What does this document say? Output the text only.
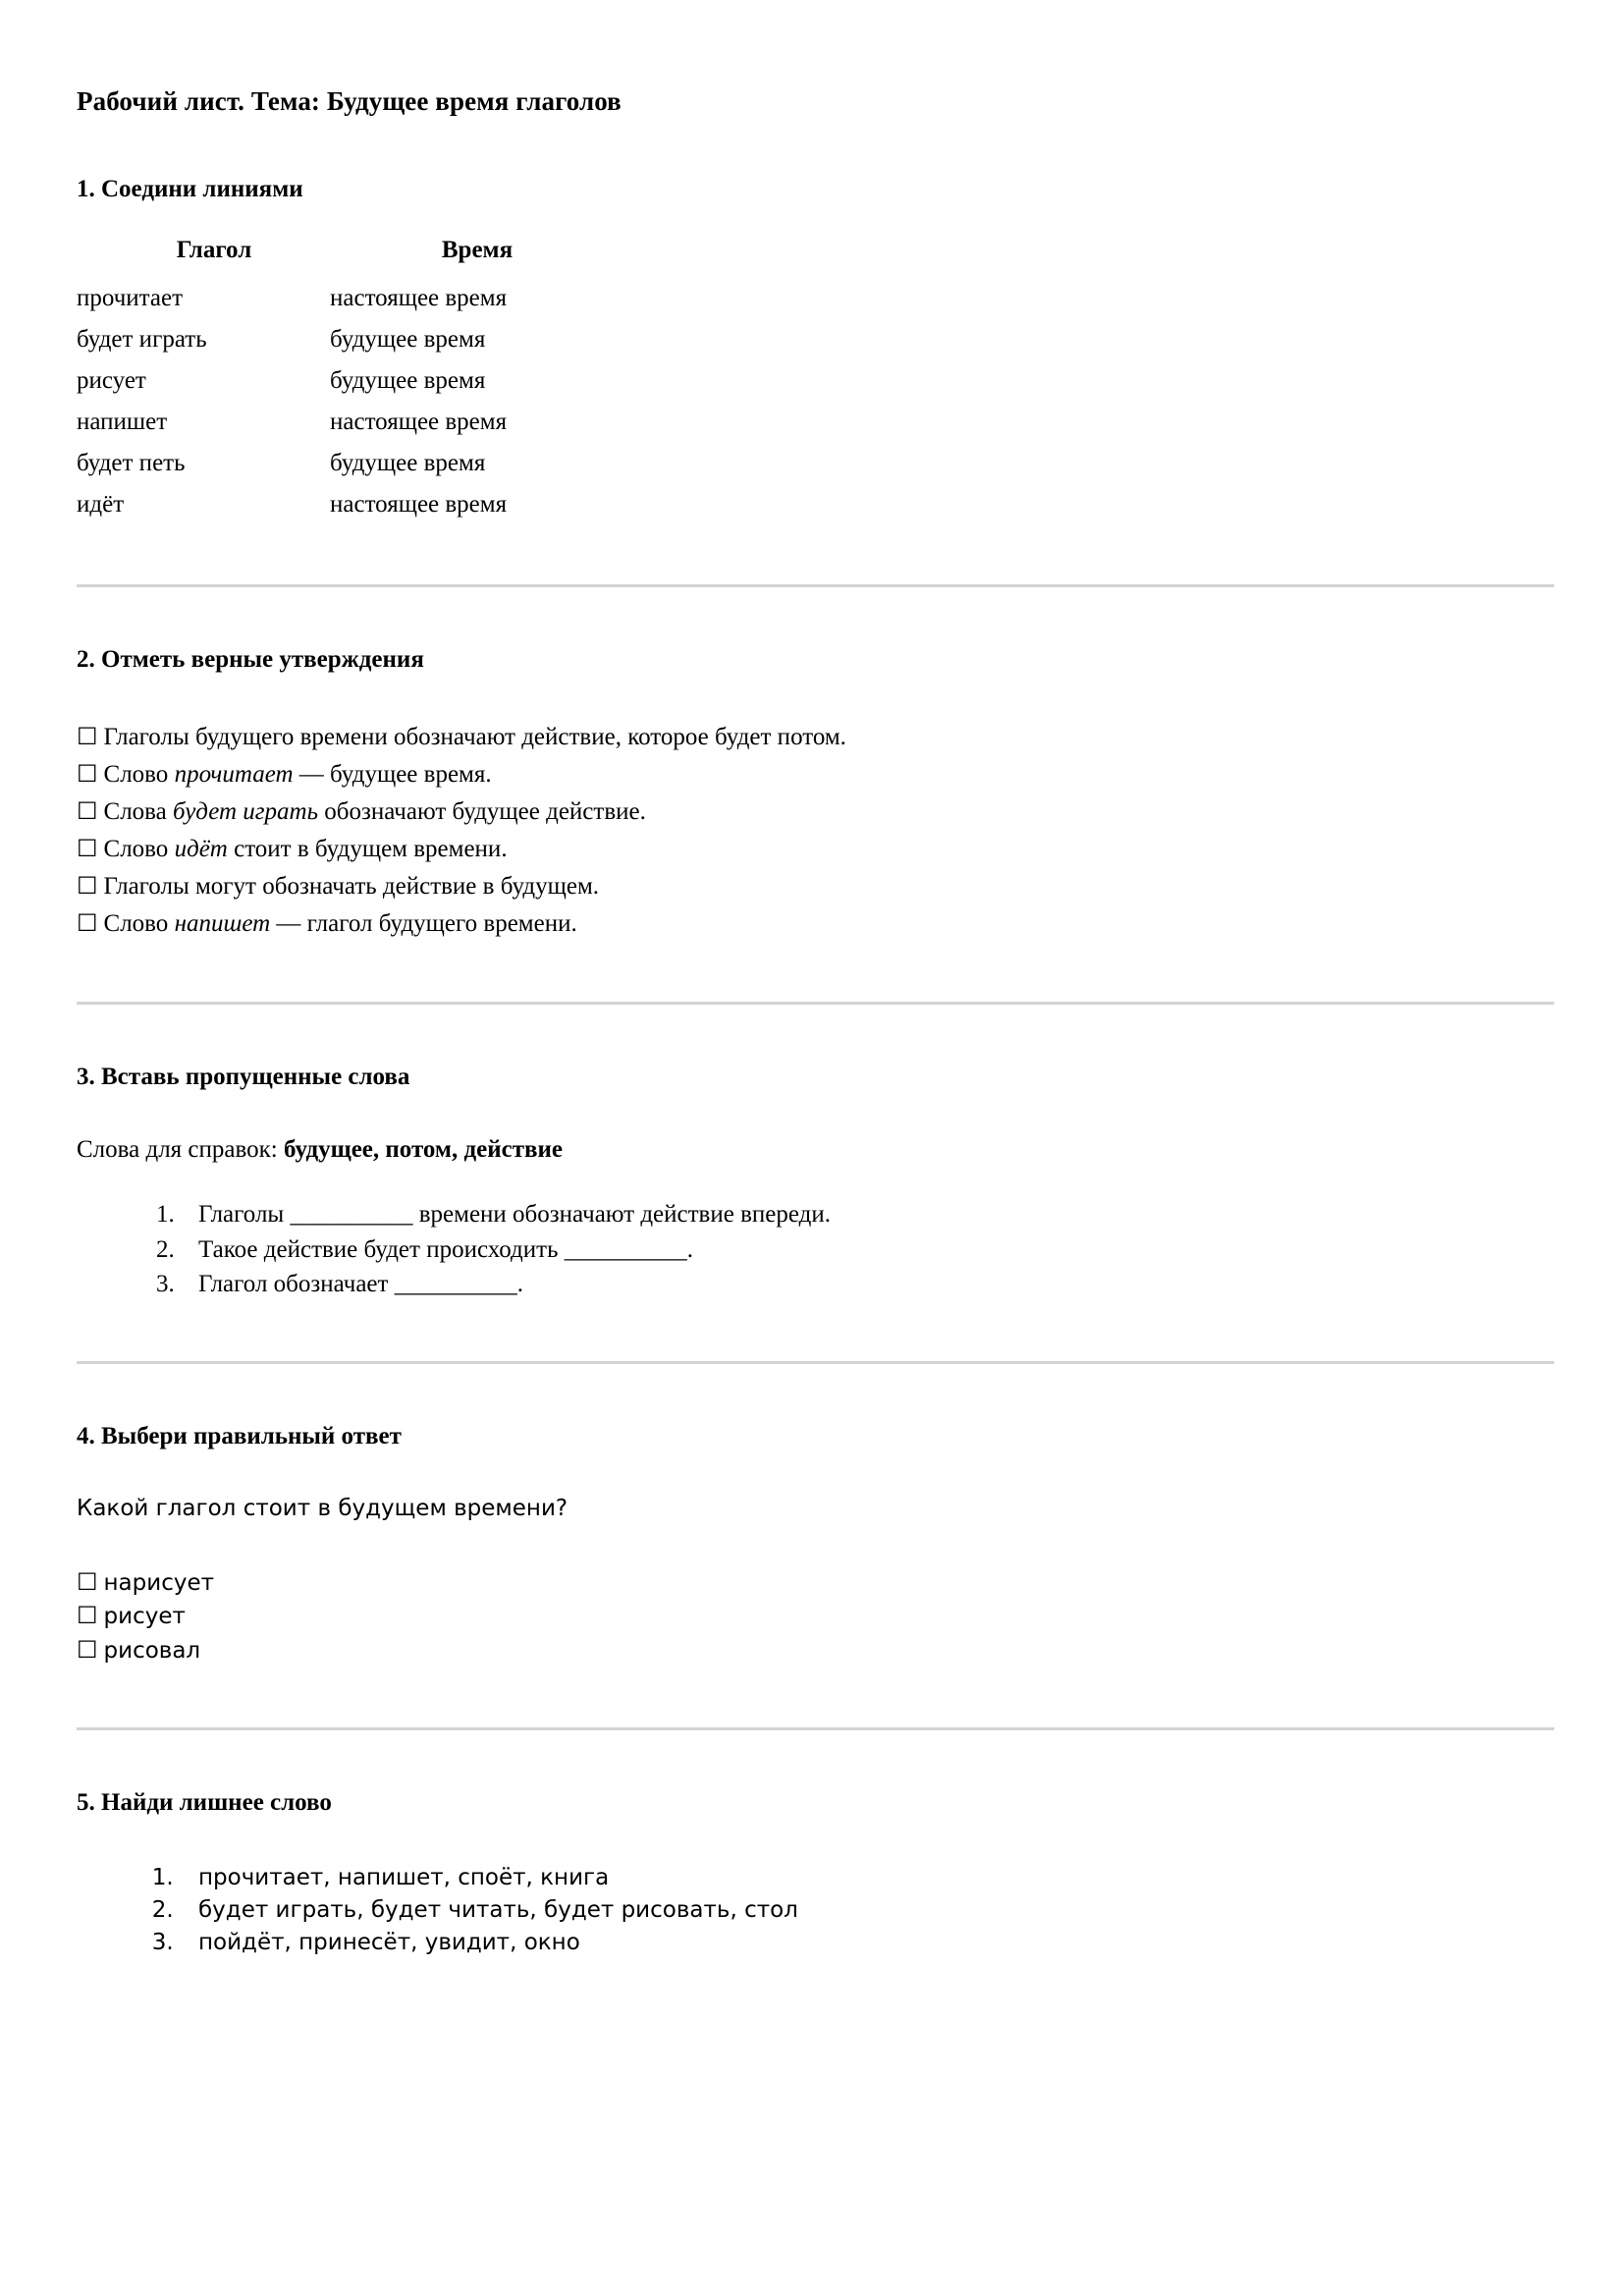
Рабочий лист. Тема: Будущее время глаголов
1. Соедини линиями
Глагол	Время
прочитает	настоящее время
будет играть	будущее время
рисует	будущее время
напишет	настоящее время
будет петь	будущее время
идёт	настоящее время
2. Отметь верные утверждения
☐ Глаголы будущего времени обозначают действие, которое будет потом.
☐ Слово прочитает — будущее время.
☐ Слова будет играть обозначают будущее действие.
☐ Слово идёт стоит в будущем времени.
☐ Глаголы могут обозначать действие в будущем.
☐ Слово напишет — глагол будущего времени.
3. Вставь пропущенные слова
Слова для справок: будущее, потом, действие
1. Глаголы __________ времени обозначают действие впереди.
2. Такое действие будет происходить __________.
3. Глагол обозначает __________.
4. Выбери правильный ответ
Какой глагол стоит в будущем времени?
☐ нарисует
☐ рисует
☐ рисовал
5. Найди лишнее слово
1. прочитает, напишет, споёт, книга
2. будет играть, будет читать, будет рисовать, стол
3. пойдёт, принесёт, увидит, окно
